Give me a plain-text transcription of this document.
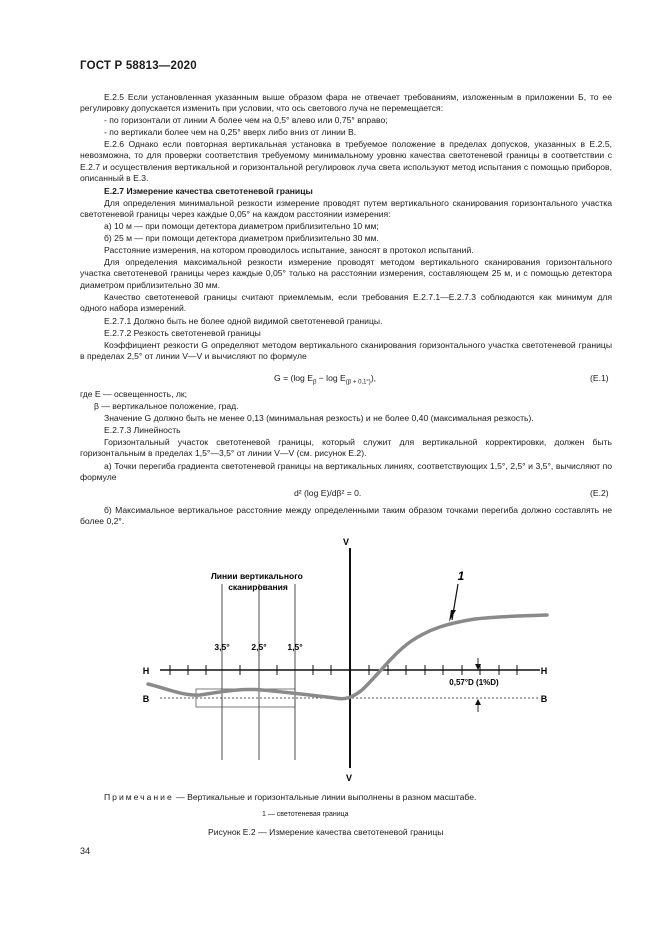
ГОСТ Р 58813—2020
Е.2.5 Если установленная указанным выше образом фара не отвечает требованиям, изложенным в приложении Б, то ее регулировку допускается изменить при условии, что ось светового луча не перемещается:
- по горизонтали от линии А более чем на 0,5° влево или 0,75° вправо;
- по вертикали более чем на 0,25° вверх либо вниз от линии В.
Е.2.6 Однако если повторная вертикальная установка в требуемое положение в пределах допусков, указанных в Е.2.5, невозможна, то для проверки соответствия требуемому минимальному уровню качества светотеневой границы в соответствии с Е.2.7 и осуществления вертикальной и горизонтальной регулировок луча света используют метод испытания с помощью приборов, описанный в Е.3.
Е.2.7 Измерение качества светотеневой границы
Для определения минимальной резкости измерение проводят путем вертикального сканирования горизонтального участка светотеневой границы через каждые 0,05° на каждом расстоянии измерения:
а) 10 м — при помощи детектора диаметром приблизительно 10 мм;
б) 25 м — при помощи детектора диаметром приблизительно 30 мм.
Расстояние измерения, на котором проводилось испытание, заносят в протокол испытаний.
Для определения максимальной резкости измерение проводят методом вертикального сканирования горизонтального участка светотеневой границы через каждые 0,05° только на расстоянии измерения, составляющем 25 м, и с помощью детектора диаметром приблизительно 30 мм.
Качество светотеневой границы считают приемлемым, если требования Е.2.7.1—Е.2.7.3 соблюдаются как минимум для одного набора измерений.
Е.2.7.1 Должно быть не более одной видимой светотеневой границы.
Е.2.7.2 Резкость светотеневой границы
Коэффициент резкости G определяют методом вертикального сканирования горизонтального участка светотеневой границы в пределах 2,5° от линии V—V и вычисляют по формуле
G = (log $E_\beta - \log E_{(\beta + 0,1^\circ)}$),	(Е.1)
где E — освещенность, лк;
β — вертикальное положение, град.
Значение G должно быть не менее 0,13 (минимальная резкость) и не более 0,40 (максимальная резкость).
Е.2.7.3 Линейность
Горизонтальный участок светотеневой границы, который служит для вертикальной корректировки, должен быть горизонтальным в пределах 1,5°—3,5° от линии V—V (см. рисунок Е.2).
а) Точки перегиба градиента светотеневой границы на вертикальных линиях, соответствующих 1,5°, 2,5° и 3,5°, вычисляют по формуле
d² (log E)/dβ² = 0.	(Е.2)
б) Максимальное вертикальное расстояние между определенными таким образом точками перегиба должно составлять не более 0,2°.
Линии вертикального сканирования
3,5°	2,5° 1,5°
V
V
H	H
B	B
0,57°D (1%D)
1
Примечание — Вертикальные и горизонтальные линии выполнены в разном масштабе.
1 — светотеневая граница
Рисунок Е.2 — Измерение качества светотеневой границы
34
